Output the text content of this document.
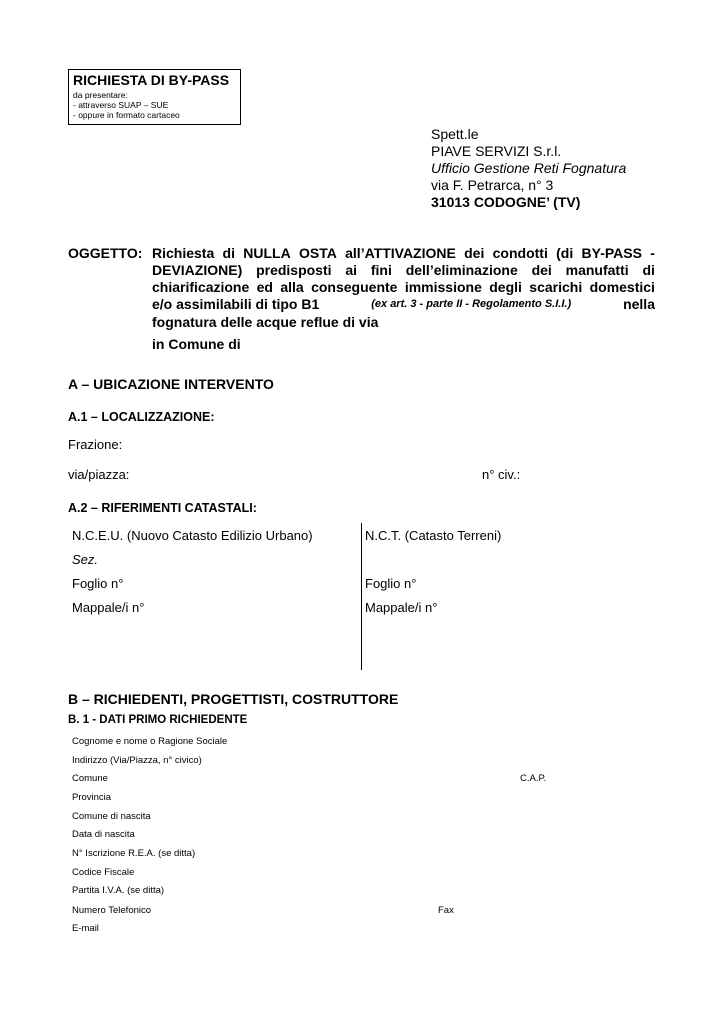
RICHIESTA DI BY-PASS
da presentare:
- attraverso SUAP – SUE
- oppure in formato cartaceo
Spett.le
PIAVE SERVIZI S.r.l.
Ufficio Gestione Reti Fognatura
via F. Petrarca, n° 3
31013 CODOGNE’ (TV)
OGGETTO: Richiesta di NULLA OSTA all’ATTIVAZIONE dei condotti (di BY-PASS -
DEVIAZIONE) predisposti ai fini dell’eliminazione dei manufatti di
chiarificazione ed alla conseguente immissione degli scarichi domestici
e/o assimilabili di tipo B1	(ex art. 3 - parte II - Regolamento S.I.I.)	nella
fognatura delle acque reflue di via
in Comune di
A – UBICAZIONE INTERVENTO
A.1 – LOCALIZZAZIONE:
Frazione:
via/piazza:	n° civ.:
A.2 – RIFERIMENTI CATASTALI:
N.C.E.U. (Nuovo Catasto Edilizio Urbano)	N.C.T. (Catasto Terreni)
Sez.
Foglio n°	Foglio n°
Mappale/i n°	Mappale/i n°
B – RICHIEDENTI, PROGETTISTI, COSTRUTTORE
B. 1 - DATI PRIMO RICHIEDENTE
Cognome e nome o Ragione Sociale
Indirizzo (Via/Piazza, n° civico)
Comune	C.A.P.
Provincia
Comune di nascita
Data di nascita
N° Iscrizione R.E.A. (se ditta)
Codice Fiscale
Partita I.V.A. (se ditta)
Numero Telefonico	Fax
E-mail
